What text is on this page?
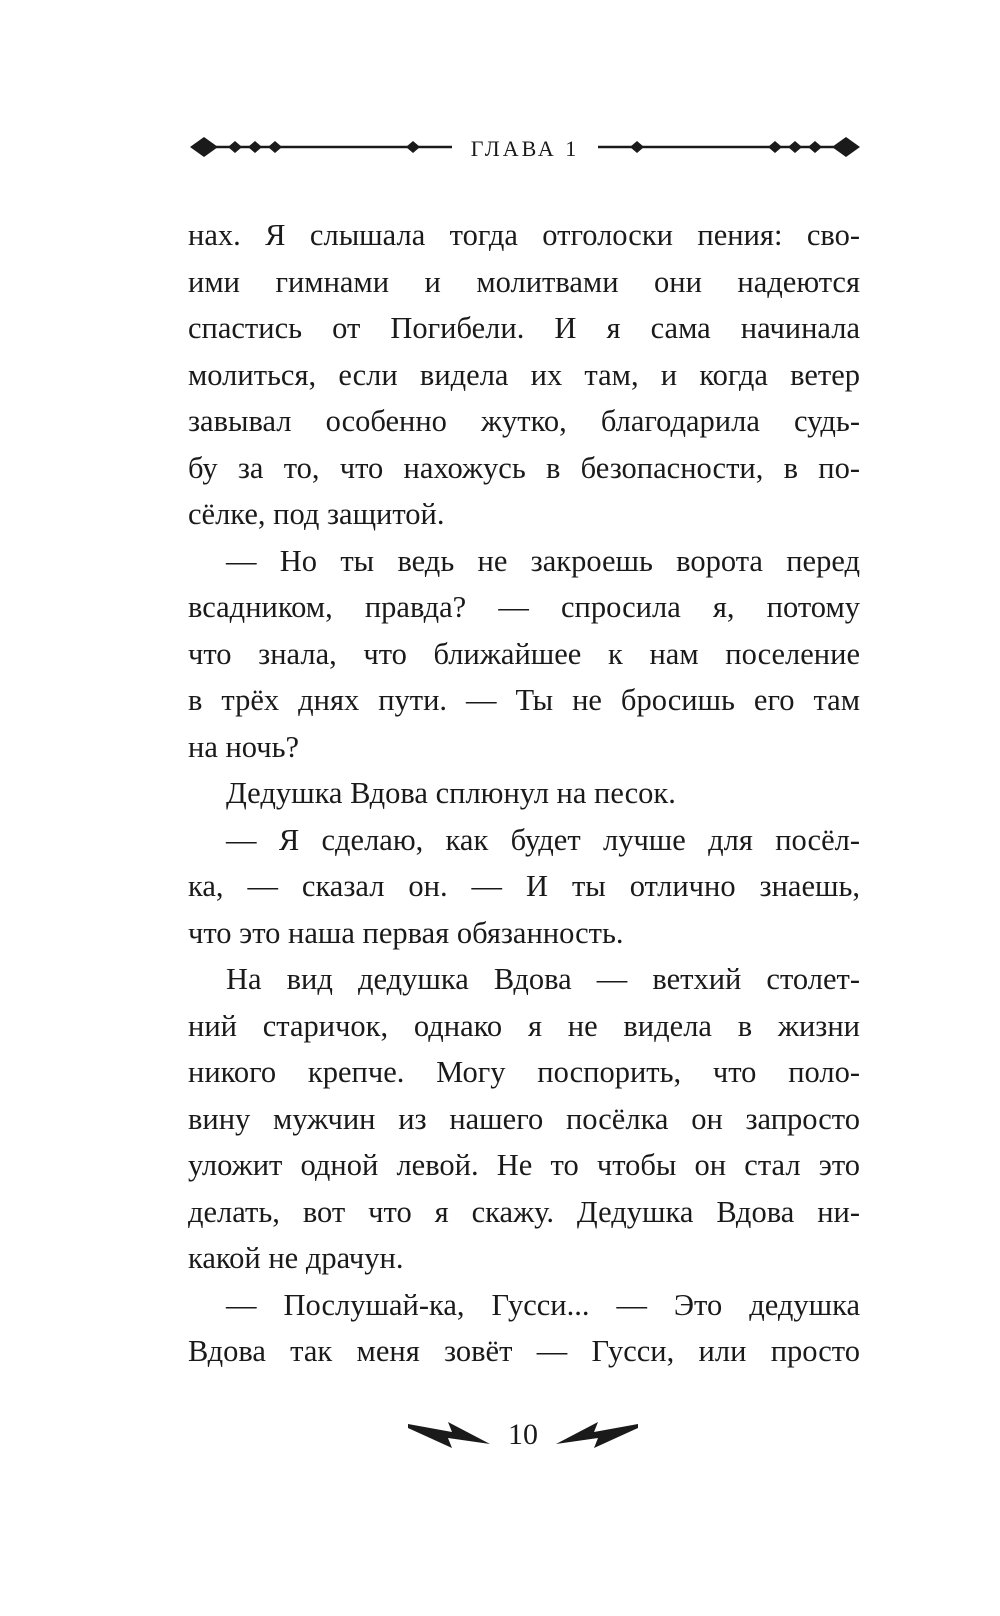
ГЛАВА 1
нах. Я слышала тогда отголоски пения: сво-
ими гимнами и молитвами они надеются
спастись от Погибели. И я сама начинала
молиться, если видела их там, и когда ветер
завывал особенно жутко, благодарила судь-
бу за то, что нахожусь в безопасности, в по-
сёлке, под защитой.
— Но ты ведь не закроешь ворота перед
всадником, правда? — спросила я, потому
что знала, что ближайшее к нам поселение
в трёх днях пути. — Ты не бросишь его там
на ночь?
Дедушка Вдова сплюнул на песок.
— Я сделаю, как будет лучше для посёл-
ка, — сказал он. — И ты отлично знаешь,
что это наша первая обязанность.
На вид дедушка Вдова — ветхий столет-
ний старичок, однако я не видела в жизни
никого крепче. Могу поспорить, что поло-
вину мужчин из нашего посёлка он запросто
уложит одной левой. Не то чтобы он стал это
делать, вот что я скажу. Дедушка Вдова ни-
какой не драчун.
— Послушай-ка, Гусси... — Это дедушка
Вдова так меня зовёт — Гусси, или просто
10
